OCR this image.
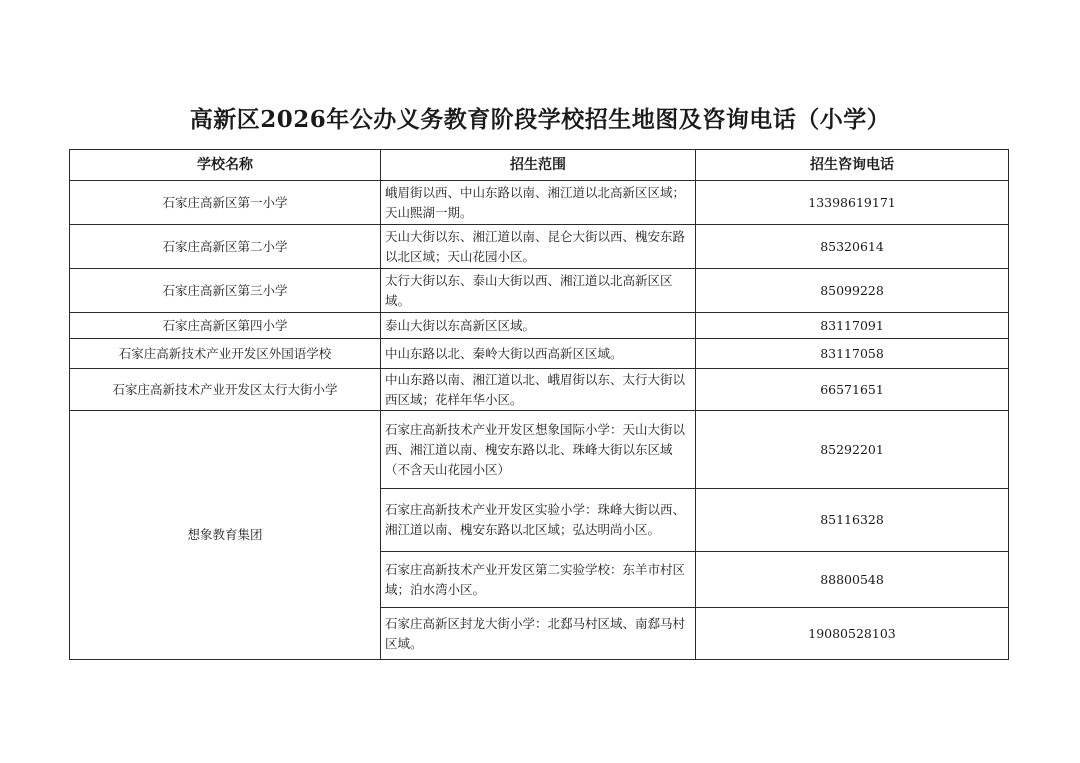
高新区2026年公办义务教育阶段学校招生地图及咨询电话（小学）
学校名称	招生范围	招生咨询电话
石家庄高新区第一小学	峨眉街以西、中山东路以南、湘江道以北高新区区域；天山熙湖一期。	13398619171
石家庄高新区第二小学	天山大街以东、湘江道以南、昆仑大街以西、槐安东路以北区域；天山花园小区。	85320614
石家庄高新区第三小学	太行大街以东、泰山大街以西、湘江道以北高新区区域。	85099228
石家庄高新区第四小学	泰山大街以东高新区区域。	83117091
石家庄高新技术产业开发区外国语学校	中山东路以北、秦岭大街以西高新区区域。	83117058
石家庄高新技术产业开发区太行大街小学	中山东路以南、湘江道以北、峨眉街以东、太行大街以西区域；花样年华小区。	66571651
想象教育集团	石家庄高新技术产业开发区想象国际小学：天山大街以西、湘江道以南、槐安东路以北、珠峰大街以东区域（不含天山花园小区）	85292201
	石家庄高新技术产业开发区实验小学：珠峰大街以西、湘江道以南、槐安东路以北区域；弘达明尚小区。	85116328
	石家庄高新技术产业开发区第二实验学校：东羊市村区域；泊水湾小区。	88800548
	石家庄高新区封龙大街小学：北郄马村区域、南郄马村区域。	19080528103
